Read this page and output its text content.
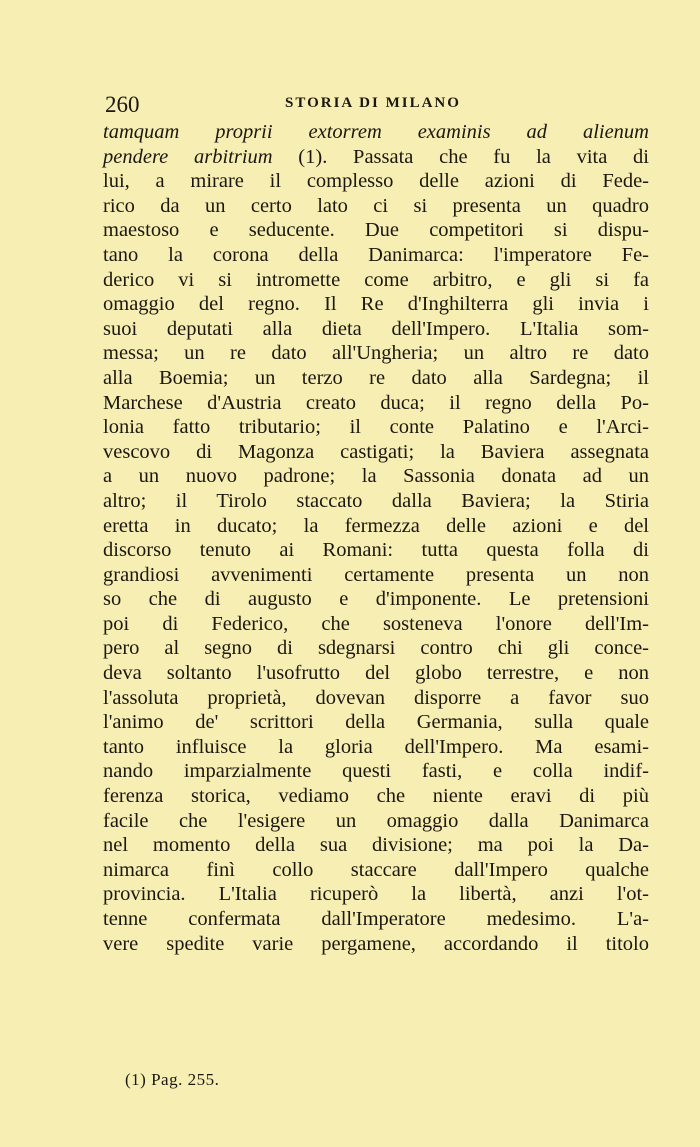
260	STORIA DI MILANO
tamquam proprii extorrem examinis ad alienum
pendere arbitrium (1). Passata che fu la vita di
lui, a mirare il complesso delle azioni di Fede-
rico da un certo lato ci si presenta un quadro
maestoso e seducente. Due competitori si dispu-
tano la corona della Danimarca: l'imperatore Fe-
derico vi si intromette come arbitro, e gli si fa
omaggio del regno. Il Re d'Inghilterra gli invia i
suoi deputati alla dieta dell'Impero. L'Italia som-
messa; un re dato all'Ungheria; un altro re dato
alla Boemia; un terzo re dato alla Sardegna; il
Marchese d'Austria creato duca; il regno della Po-
lonia fatto tributario; il conte Palatino e l'Arci-
vescovo di Magonza castigati; la Baviera assegnata
a un nuovo padrone; la Sassonia donata ad un
altro; il Tirolo staccato dalla Baviera; la Stiria
eretta in ducato; la fermezza delle azioni e del
discorso tenuto ai Romani: tutta questa folla di
grandiosi avvenimenti certamente presenta un non
so che di augusto e d'imponente. Le pretensioni
poi di Federico, che sosteneva l'onore dell'Im-
pero al segno di sdegnarsi contro chi gli conce-
deva soltanto l'usofrutto del globo terrestre, e non
l'assoluta proprietà, dovevan disporre a favor suo
l'animo de' scrittori della Germania, sulla quale
tanto influisce la gloria dell'Impero. Ma esami-
nando imparzialmente questi fasti, e colla indif-
ferenza storica, vediamo che niente eravi di più
facile che l'esigere un omaggio dalla Danimarca
nel momento della sua divisione; ma poi la Da-
nimarca finì collo staccare dall'Impero qualche
provincia. L'Italia ricuperò la libertà, anzi l'ot-
tenne confermata dall'Imperatore medesimo. L'a-
vere spedite varie pergamene, accordando il titolo
(1) Pag. 255.
